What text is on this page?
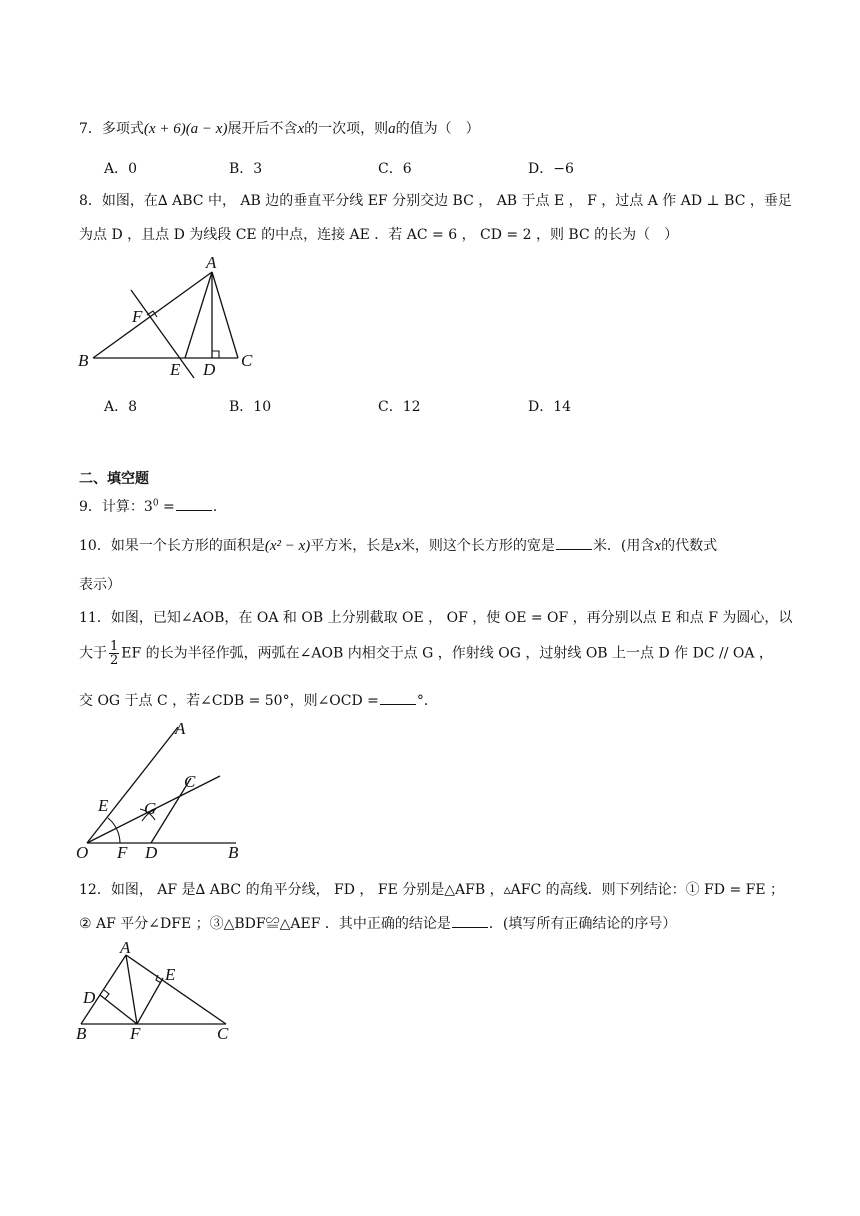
7．多项式(x + 6)(a − x)展开后不含x的一次项，则a的值为（　）
A．0	B．3	C．6	D．−6
8．如图，在∆ ABC 中， AB 边的垂直平分线 EF 分别交边 BC ， AB 于点 E ， F ，过点 A 作 AD ⊥ BC ，垂足
为点 D ，且点 D 为线段 CE 的中点，连接 AE ．若 AC = 6 ， CD = 2 ，则 BC 的长为（　）
A
F
B	E D C
A．8	B．10	C．12	D．14
二、填空题
9．计算：$3^0$ =	.
10．如果一个长方形的面积是(x² − x)平方米，长是x米，则这个长方形的宽是	米．(用含x的代数式
表示）
11．如图，已知∠AOB，在 OA 和 OB 上分别截取 OE ， OF ，使 OE = OF ，再分别以点 E 和点 F 为圆心，以
大于 $\frac{1}{2}$ EF 的长为半径作弧，两弧在∠AOB 内相交于点 G ，作射线 OG ，过射线 OB 上一点 D 作 DC // OA ，
交 OG 于点 C ，若∠CDB = 50°，则∠OCD =	°．
A
C
E G
O F D	B
12．如图， AF 是∆ ABC 的角平分线， FD ， FE 分别是△AFB ，▵AFC 的高线．则下列结论：① FD = FE ；
② AF 平分∠DFE ；③△BDF≌△AEF ．其中正确的结论是	．(填写所有正确结论的序号）
A
E
D
B	F	C
